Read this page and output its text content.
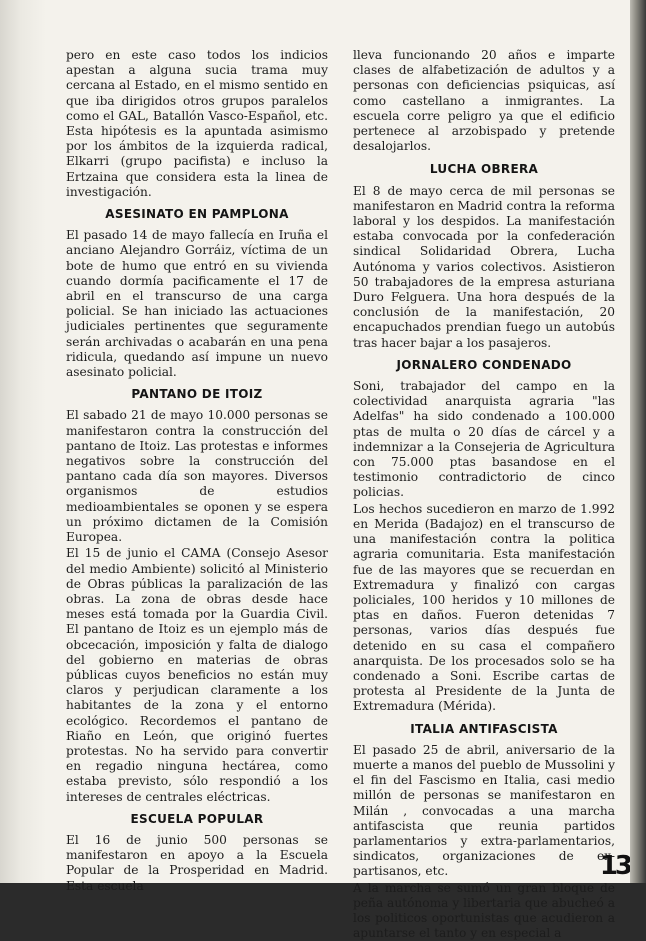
pero en este caso todos los indicios apestan a alguna sucia trama muy cercana al Estado, en el mismo sentido en que iba dirigidos otros grupos paralelos como el GAL, Batallón Vasco-Español, etc. Esta hipótesis es la apuntada asimismo por los ámbitos de la izquierda radical, Elkarri (grupo pacifista) e incluso la Ertzaina que considera esta la linea de investigación.

ASESINATO EN PAMPLONA

El pasado 14 de mayo fallecía en Iruña el anciano Alejandro Gorráiz, víctima de un bote de humo que entró en su vivienda cuando dormía pacificamente el 17 de abril en el transcurso de una carga policial. Se han iniciado las actuaciones judiciales pertinentes que seguramente serán archivadas o acabarán en una pena ridicula, quedando así impune un nuevo asesinato policial.

PANTANO DE ITOIZ

El sabado 21 de mayo 10.000 personas se manifestaron contra la construcción del pantano de Itoiz. Las protestas e informes negativos sobre la construcción del pantano cada día son mayores. Diversos organismos de estudios medioambientales se oponen y se espera un próximo dictamen de la Comisión Europea.

El 15 de junio el CAMA (Consejo Asesor del medio Ambiente) solicitó al Ministerio de Obras públicas la paralización de las obras. La zona de obras desde hace meses está tomada por la Guardia Civil. El pantano de Itoiz es un ejemplo más de obcecación, imposición y falta de dialogo del gobierno en materias de obras públicas cuyos beneficios no están muy claros y perjudican claramente a los habitantes de la zona y el entorno ecológico. Recordemos el pantano de Riaño en León, que originó fuertes protestas. No ha servido para convertir en regadio ninguna hectárea, como estaba previsto, sólo respondió a los intereses de centrales eléctricas.

ESCUELA POPULAR

El 16 de junio 500 personas se manifestaron en apoyo a la Escuela Popular de la Prosperidad en Madrid. Esta escuela

lleva funcionando 20 años e imparte clases de alfabetización de adultos y a personas con deficiencias psiquicas, así como castellano a inmigrantes. La escuela corre peligro ya que el edificio pertenece al arzobispado y pretende desalojarlos.

LUCHA OBRERA

El 8 de mayo cerca de mil personas se manifestaron en Madrid contra la reforma laboral y los despidos. La manifestación estaba convocada por la confederación sindical Solidaridad Obrera, Lucha Autónoma y varios colectivos. Asistieron 50 trabajadores de la empresa asturiana Duro Felguera. Una hora después de la conclusión de la manifestación, 20 encapuchados prendian fuego un autobús tras hacer bajar a los pasajeros.

JORNALERO CONDENADO

Soni, trabajador del campo en la colectividad anarquista agraria "las Adelfas" ha sido condenado a 100.000 ptas de multa o 20 días de cárcel y a indemnizar a la Consejeria de Agricultura con 75.000 ptas basandose en el testimonio contradictorio de cinco policias.

Los hechos sucedieron en marzo de 1.992 en Merida (Badajoz) en el transcurso de una manifestación contra la politica agraria comunitaria. Esta manifestación fue de las mayores que se recuerdan en Extremadura y finalizó con cargas policiales, 100 heridos y 10 millones de ptas en daños. Fueron detenidas 7 personas, varios días después fue detenido en su casa el compañero anarquista. De los procesados solo se ha condenado a Soni. Escribe cartas de protesta al Presidente de la Junta de Extremadura (Mérida).

ITALIA ANTIFASCISTA

El pasado 25 de abril, aniversario de la muerte a manos del pueblo de Mussolini y el fin del Fascismo en Italia, casi medio millón de personas se manifestaron en Milán , convocadas a una marcha antifascista que reunia partidos parlamentarios y extra-parlamentarios, sindicatos, organizaciones de ex-partisanos, etc.

A la marcha se sumó un gran bloque de peña autónoma y libertaria que abucheó a los politicos oportunistas que acudieron a apuntarse el tanto y en especial a

13
